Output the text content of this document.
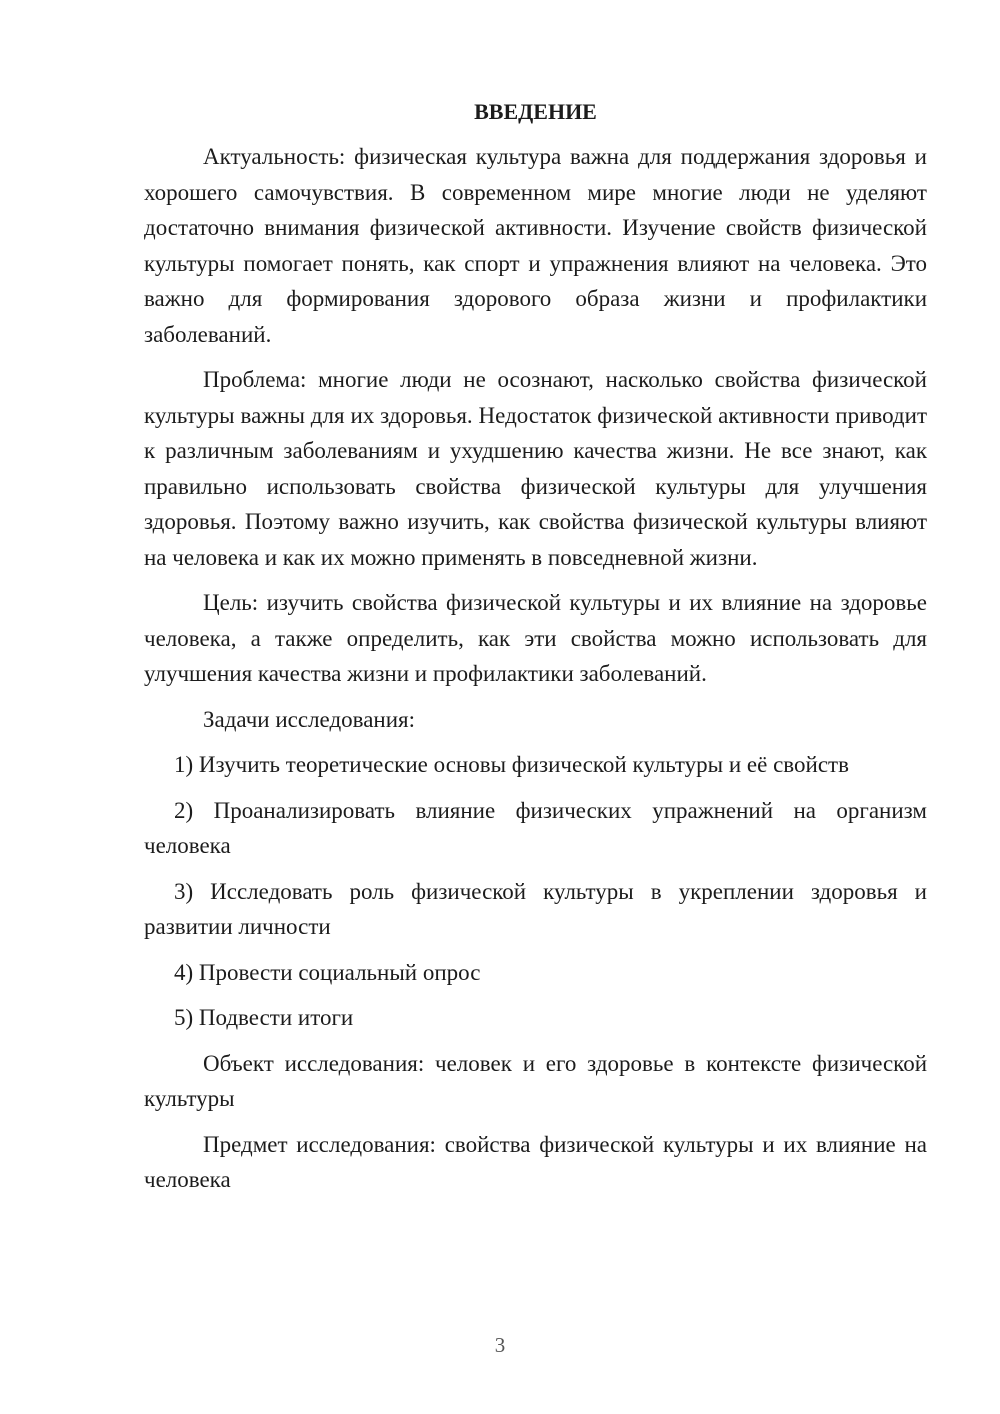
ВВЕДЕНИЕ

Актуальность: физическая культура важна для поддержания здоровья и хорошего самочувствия. В современном мире многие люди не уделяют достаточно внимания физической активности. Изучение свойств физической культуры помогает понять, как спорт и упражнения влияют на человека. Это важно для формирования здорового образа жизни и профилактики заболеваний.

Проблема: многие люди не осознают, насколько свойства физической культуры важны для их здоровья. Недостаток физической активности приводит к различным заболеваниям и ухудшению качества жизни. Не все знают, как правильно использовать свойства физической культуры для улучшения здоровья. Поэтому важно изучить, как свойства физической культуры влияют на человека и как их можно применять в повседневной жизни.

Цель: изучить свойства физической культуры и их влияние на здоровье человека, а также определить, как эти свойства можно использовать для улучшения качества жизни и профилактики заболеваний.

Задачи исследования:

1) Изучить теоретические основы физической культуры и её свойств

2) Проанализировать влияние физических упражнений на организм человека

3) Исследовать роль физической культуры в укреплении здоровья и развитии личности

4) Провести социальный опрос

5) Подвести итоги

Объект исследования: человек и его здоровье в контексте физической культуры

Предмет исследования: свойства физической культуры и их влияние на человека

3
